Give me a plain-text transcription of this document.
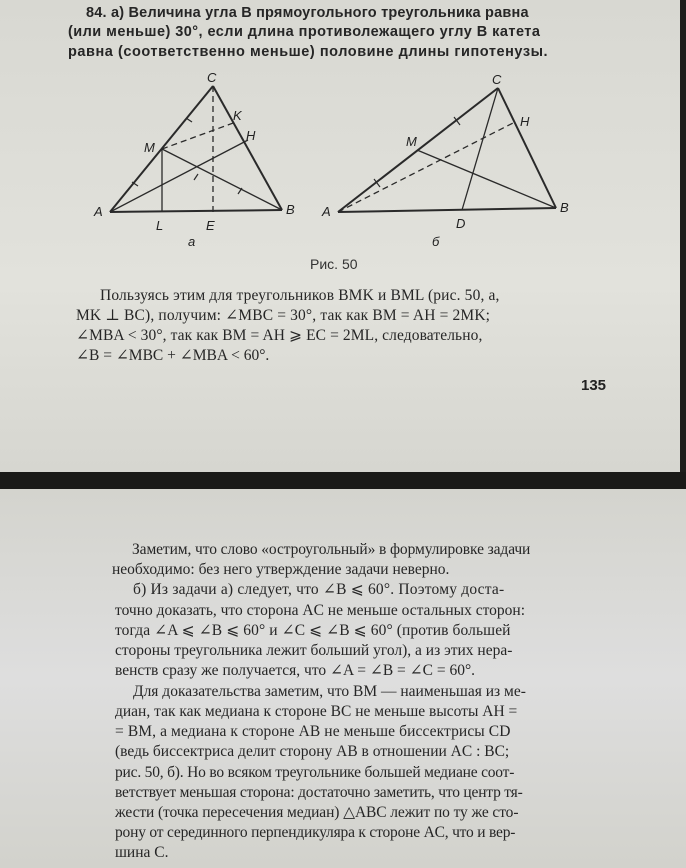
84. а) Величина угла B прямоугольного треугольника равна
(или меньше) 30°, если длина противолежащего углу B катета
равна (соответственно меньше) половине длины гипотенузы.
A	B
C
M
K
H
L	E
а
A	B
C
M
H
D
б
Рис. 50
Пользуясь этим для треугольников BMK и BML (рис. 50, а,
MK ⊥ BC), получим: ∠MBC = 30°, так как BM = AH = 2MK;
∠MBA < 30°, так как BM = AH ⩾ EC = 2ML, следовательно,
∠B = ∠MBC + ∠MBA < 60°.
135
Заметим, что слово «остроугольный» в формулировке задачи
необходимо: без него утверждение задачи неверно.
б) Из задачи а) следует, что ∠B ⩽ 60°. Поэтому доста-
точно доказать, что сторона AC не меньше остальных сторон:
тогда ∠A ⩽ ∠B ⩽ 60° и ∠C ⩽ ∠B ⩽ 60° (против большей
стороны треугольника лежит больший угол), а из этих нера-
венств сразу же получается, что ∠A = ∠B = ∠C = 60°.
Для доказательства заметим, что BM — наименьшая из ме-
диан, так как медиана к стороне BC не меньше высоты AH =
= BM, а медиана к стороне AB не меньше биссектрисы CD
(ведь биссектриса делит сторону AB в отношении AC : BC;
рис. 50, б). Но во всяком треугольнике большей медиане соот-
ветствует меньшая сторона: достаточно заметить, что центр тя-
жести (точка пересечения медиан) △ABC лежит по ту же сто-
рону от серединного перпендикуляра к стороне AC, что и вер-
шина C.
